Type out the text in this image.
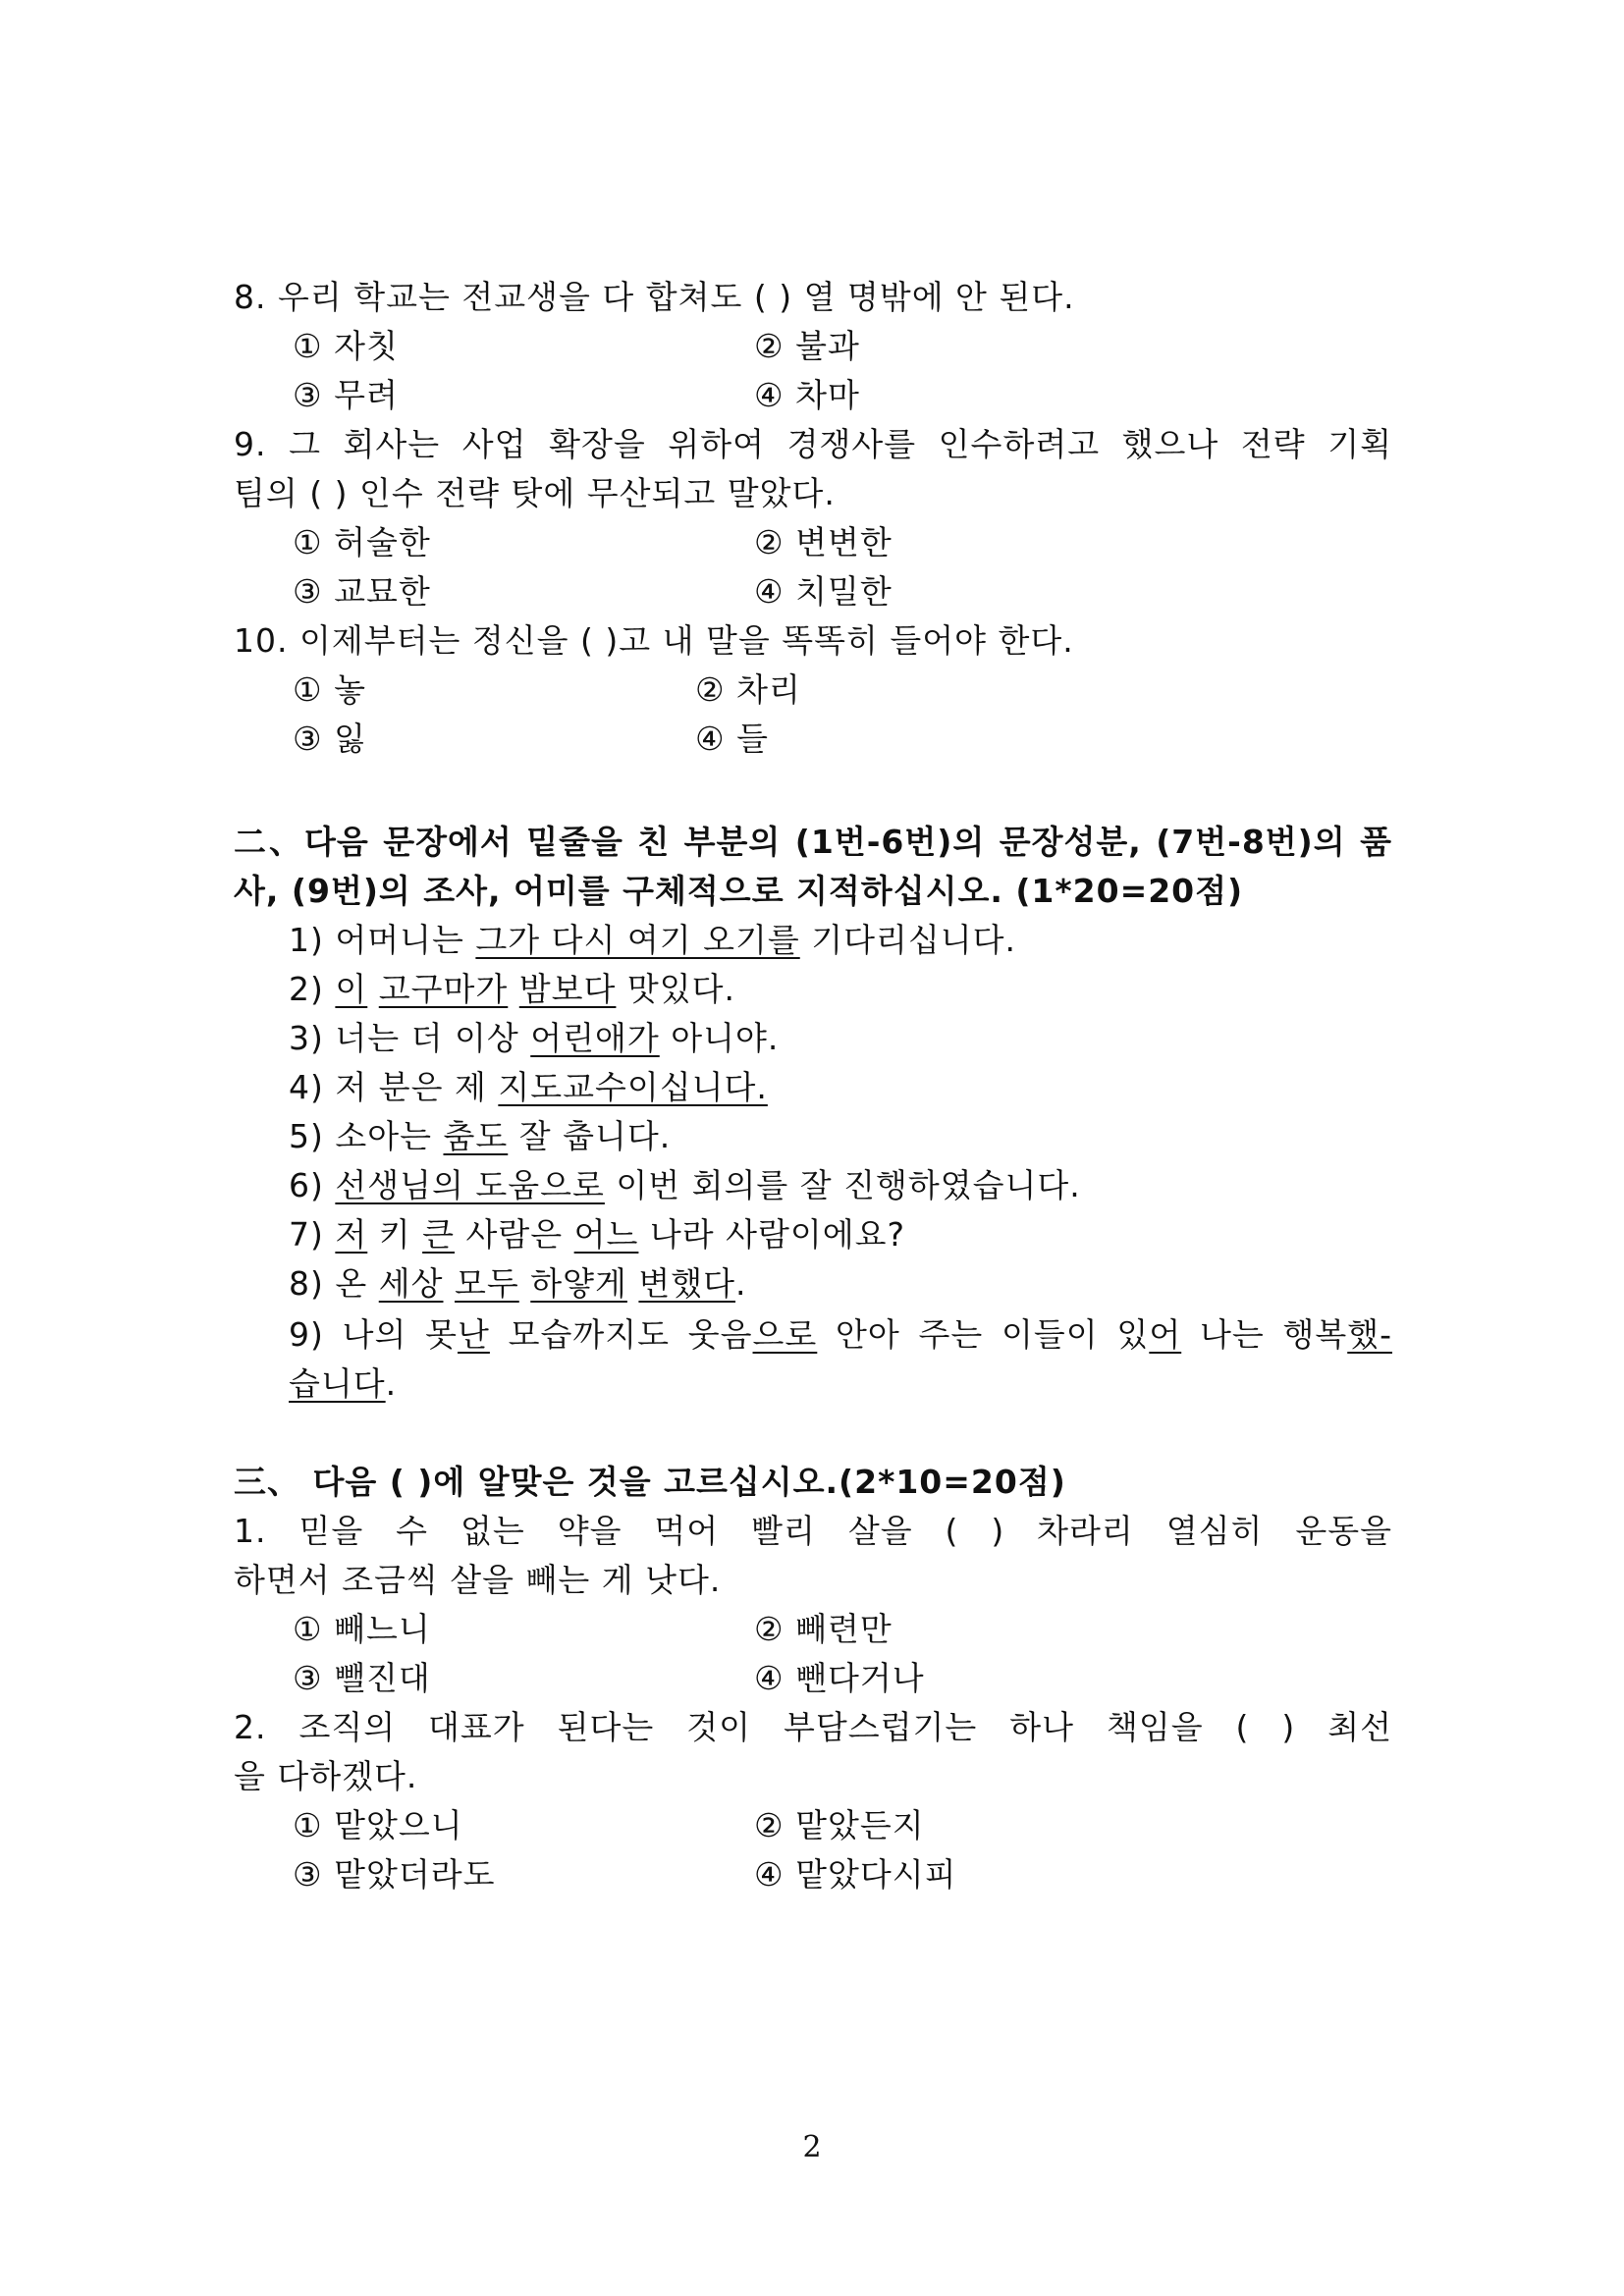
8. 우리 학교는 전교생을 다 합쳐도 ( ) 열 명밖에 안 된다.
① 자칫	② 불과
③ 무려	④ 차마
9. 그 회사는 사업 확장을 위하여 경쟁사를 인수하려고 했으나 전략 기획
팀의 ( ) 인수 전략 탓에 무산되고 말았다.
① 허술한	② 변변한
③ 교묘한	④ 치밀한
10. 이제부터는 정신을 ( )고 내 말을 똑똑히 들어야 한다.
① 놓	② 차리
③ 잃	④ 들
二、다음 문장에서 밑줄을 친 부분의 (1번-6번)의 문장성분, (7번-8번)의 품
사, (9번)의 조사, 어미를 구체적으로 지적하십시오. (1*20=20점)
1) 어머니는 그가 다시 여기 오기를 기다리십니다.
2) 이 고구마가 밤보다 맛있다.
3) 너는 더 이상 어린애가 아니야.
4) 저 분은 제 지도교수이십니다.
5) 소아는 춤도 잘 춥니다.
6) 선생님의 도움으로 이번 회의를 잘 진행하였습니다.
7) 저 키 큰 사람은 어느 나라 사람이에요?
8) 온 세상 모두 하얗게 변했다.
9) 나의 못난 모습까지도 웃음으로 안아 주는 이들이 있어 나는 행복했-
습니다.
三、 다음 ( )에 알맞은 것을 고르십시오.(2*10=20점)
1. 믿을 수 없는 약을 먹어 빨리 살을 ( ) 차라리 열심히 운동을
하면서 조금씩 살을 빼는 게 낫다.
① 빼느니	② 빼련만
③ 뺄진대	④ 뺀다거나
2. 조직의 대표가 된다는 것이 부담스럽기는 하나 책임을 ( ) 최선
을 다하겠다.
① 맡았으니	② 맡았든지
③ 맡았더라도	④ 맡았다시피
2
